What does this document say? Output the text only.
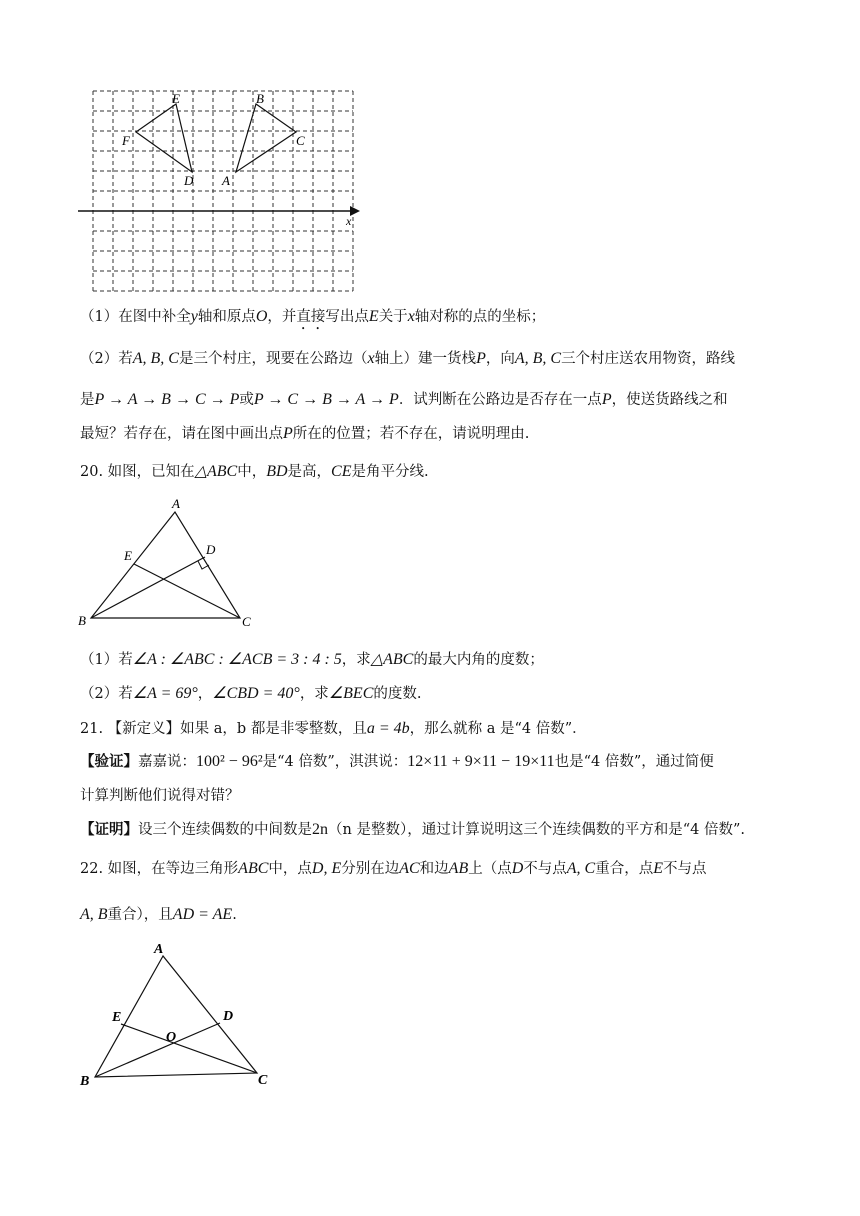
E	B
F	C
D A
x
（1）在图中补全y轴和原点O，并直接写出点E关于x轴对称的点的坐标；
（2）若A, B, C是三个村庄，现要在公路边（x轴上）建一货栈P，向A, B, C三个村庄送农用物资，路线
是P → A → B → C → P或P → C → B → A → P．试判断在公路边是否存在一点P，使送货路线之和
最短？若存在，请在图中画出点P所在的位置；若不存在，请说明理由.
20. 如图，已知在△ABC中，BD是高，CE是角平分线.
A
E	D
B	C
（1）若∠A : ∠ABC : ∠ACB = 3 : 4 : 5，求△ABC的最大内角的度数；
（2）若∠A = 69°，∠CBD = 40°，求∠BEC的度数.
21. 【新定义】如果 a，b 都是非零整数，且a = 4b，那么就称 a 是“4 倍数”．
【验证】嘉嘉说：100² − 96²是“4 倍数”，淇淇说：12×11 + 9×11 − 19×11也是“4 倍数”，通过简便
计算判断他们说得对错？
【证明】设三个连续偶数的中间数是2n（n 是整数），通过计算说明这三个连续偶数的平方和是“4 倍数”.
22. 如图，在等边三角形ABC中，点D, E分别在边AC和边AB上（点D不与点A, C重合，点E不与点
A, B重合），且AD = AE.
A
E	D
O
B	C
